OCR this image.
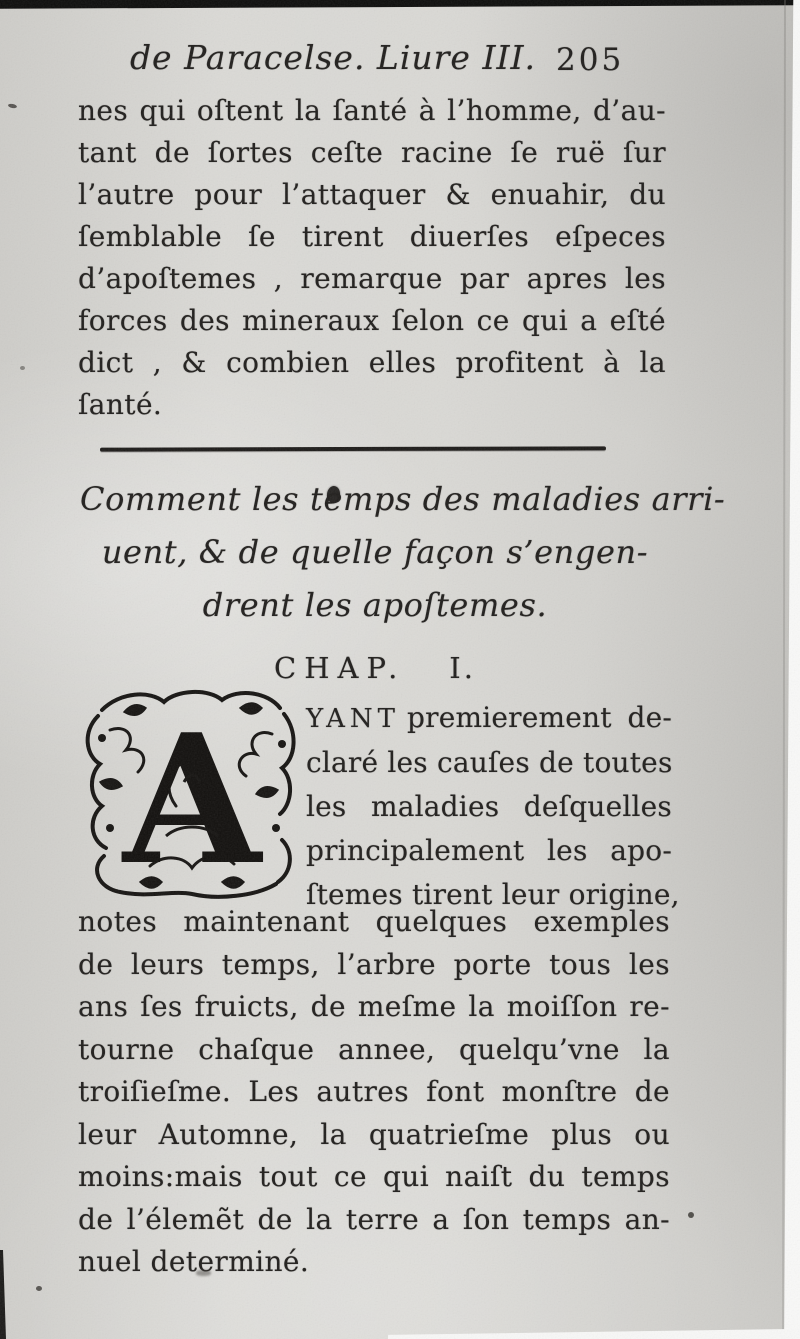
de Paracelse. Liure III. 205
nes qui oſtent la ſanté à l’homme, d’au-
tant de ſortes ceſte racine ſe ruë ſur
l’autre pour l’attaquer & enuahir, du
ſemblable ſe tirent diuerſes eſpeces
d’apoſtemes , remarque par apres les
forces des mineraux ſelon ce qui a eſté
dict , & combien elles profitent à la
ſanté.
Comment les temps des maladies arri-
uent, & de quelle façon s’engen-
drent les apoſtemes.
CHAP. I.
A YANT premierement de-
claré les cauſes de toutes
les maladies deſquelles
principalement les apo-
ſtemes tirent leur origine,
notes maintenant quelques exemples
de leurs temps, l’arbre porte tous les
ans ſes fruicts, de meſme la moiſſon re-
tourne chaſque annee, quelqu’vne la
troiſieſme. Les autres font monſtre de
leur Automne, la quatrieſme plus ou
moins:mais tout ce qui naiſt du temps
de l’élemẽt de la terre a ſon temps an-
nuel determiné.
